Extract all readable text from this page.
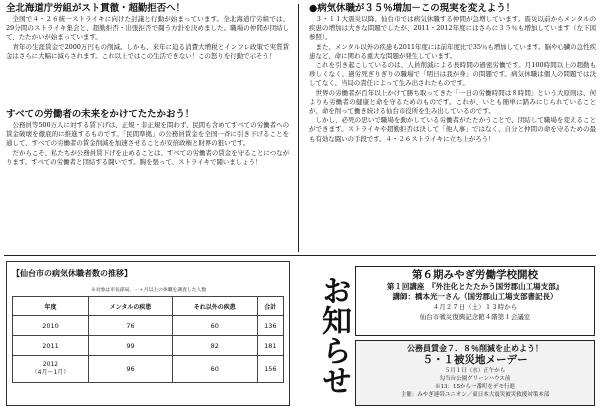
全北海道庁労組がスト貫徹・超勤拒否へ！

全国で４・２６統一ストライキに向けた討議と行動が始まっています。全北海道庁労組では、29分間のストライキ集会と、超勤拒否・出張拒否で闘う方針を決めました。職場の仲間が団結して、たたかいが始まっています。

青年の生涯賃金で2000万円もの削減。しかも、来年に迫る消費大増税とインフレ政策で実質賃金はさらに大幅に減らされます。これ以上ではこの生活できない！この怒りを行動で示そう！

すべての労働者の未来をかけてたたかおう！

公務員等500万人に対する賃下げは、正規・非正規を問わず、民間も含めてすべての労働者への賃金破壊を徹底的に推進するものです。「民間準拠」の公務員賃金を全国一斉に引き下げることを通して、すべての労働者の賃金削減を加速させることが安倍政権と財界の狙いです。

だからこそ、私たちが公務員賃下げを止めることは、すべての労働者の賃金を守ることにつながります。すべての労働者と団結する闘いです。胸を張って、ストライキで闘いましょう！

●病気休職が３５％増加－この現実を変えよう！

３・１１大震災以降、仙台市では病気休職する仲間が急増しています。震災以前からメンタルの疾患の増加は大きな問題でしたが、2011・2012年度にはさらに３５％も増加しています（左下図参照）。

また、メンタル以外の疾患も2011年度には前年度比で35％も増加しています。脳や心臓の急性疾患など、命に関わる重大な問題が発生しています。

これを引き起こしているのは、人員削減による長時間の過密労働です。月100時間以上の超勤も珍しくなく、過労死ぎりぎりの職場で「明日は我が身」の問題です。病気休職は個人の問題では決してなく、当局の責任によって生み出されたものです。

世界の労働者が百年以上かけて勝ち取ってきた「一日の労働時間は８時間」という大原則は、何よりも労働者の健康と命を守るためのものです。これが、いとも簡単に踏みにじられていることが、命を削って働き続ける仙台市役所を生み出しているのです。

しかし、必死の思いで職場を動かしている労働者がたたかうことで、団結して職場を変えることができます。ストライキや超勤拒否は決して「他人事」ではなく、自分と仲間の命を守るための最も有効な闘いの手段です。４・２６ストライキに立ち上がろう！

【仙台市の病気休職者数の推移】
※対象は市長部局、一ヶ月以上の休職を調査した人数
年度	メンタルの疾患	それ以外の疾患	合計
2010	76	60	136
2011	99	82	181
2012
（4月～1月）	96	60	156 お知らせ	第６期みやぎ労働学校開校
第１回講座　『外注化とたたかう国労郡山工場支部』
講師：橋本光一さん（国労郡山工場支部書記長）
４月２７日（土）１３時から
仙台市戦災復興記念館４階第１会議室
公務員賃金７．８％削減を止めよう！
５・１被災地メーデー
５月１日（水）正午から
勾当台公園グリーンハウス前
※13：15から一番町をデモ行進
主催：みやぎ連帯ユニオン／東日本大震災被災救援対策本部
